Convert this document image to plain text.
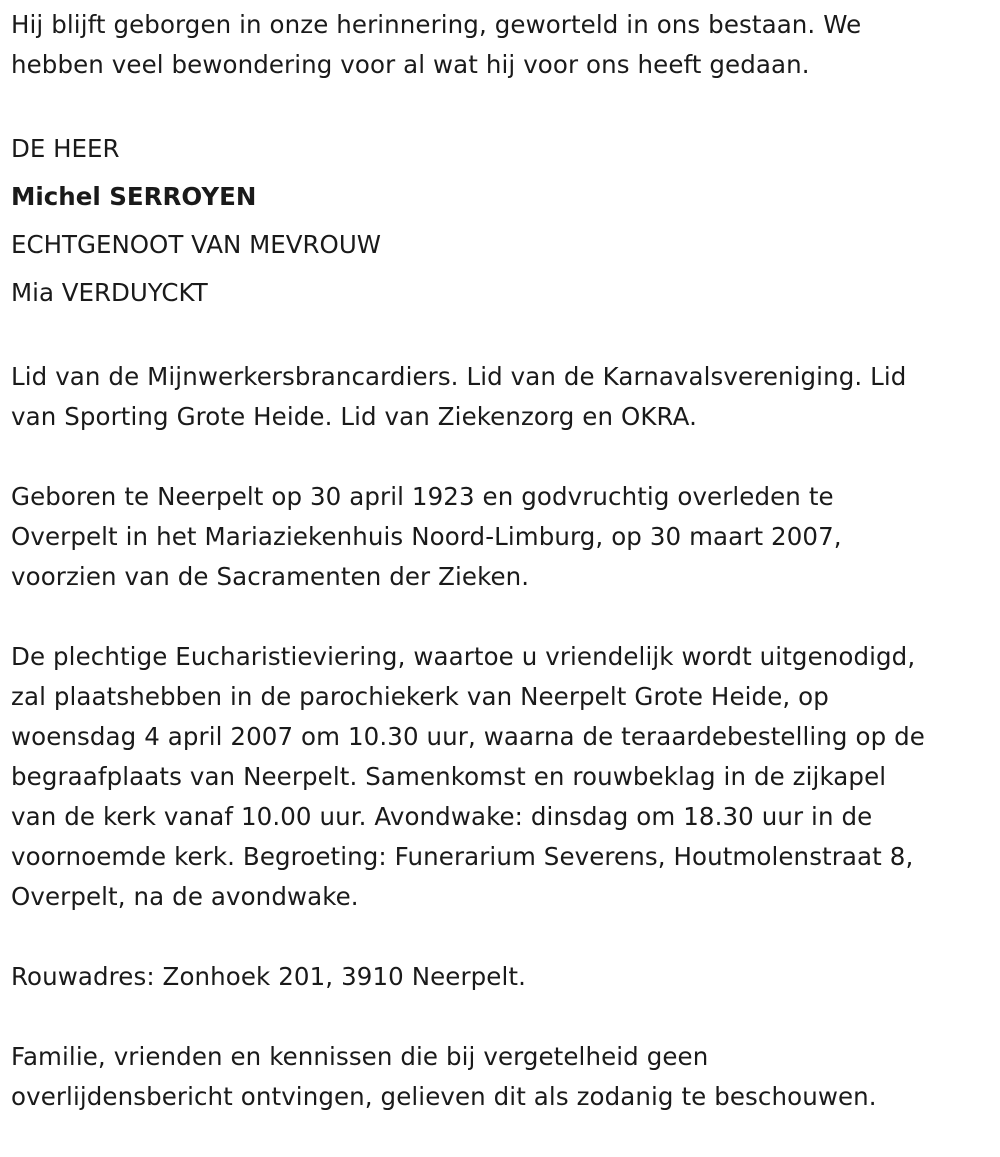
Hij blijft geborgen in onze herinnering, geworteld in ons bestaan. We
hebben veel bewondering voor al wat hij voor ons heeft gedaan.

DE HEER
Michel SERROYEN
ECHTGENOOT VAN MEVROUW
Mia VERDUYCKT

Lid van de Mijnwerkersbrancardiers. Lid van de Karnavalsvereniging. Lid
van Sporting Grote Heide. Lid van Ziekenzorg en OKRA.

Geboren te Neerpelt op 30 april 1923 en godvruchtig overleden te
Overpelt in het Mariaziekenhuis Noord-Limburg, op 30 maart 2007,
voorzien van de Sacramenten der Zieken.

De plechtige Eucharistieviering, waartoe u vriendelijk wordt uitgenodigd,
zal plaatshebben in de parochiekerk van Neerpelt Grote Heide, op
woensdag 4 april 2007 om 10.30 uur, waarna de teraardebestelling op de
begraafplaats van Neerpelt. Samenkomst en rouwbeklag in de zijkapel
van de kerk vanaf 10.00 uur. Avondwake: dinsdag om 18.30 uur in de
voornoemde kerk. Begroeting: Funerarium Severens, Houtmolenstraat 8,
Overpelt, na de avondwake.

Rouwadres: Zonhoek 201, 3910 Neerpelt.

Familie, vrienden en kennissen die bij vergetelheid geen
overlijdensbericht ontvingen, gelieven dit als zodanig te beschouwen.
